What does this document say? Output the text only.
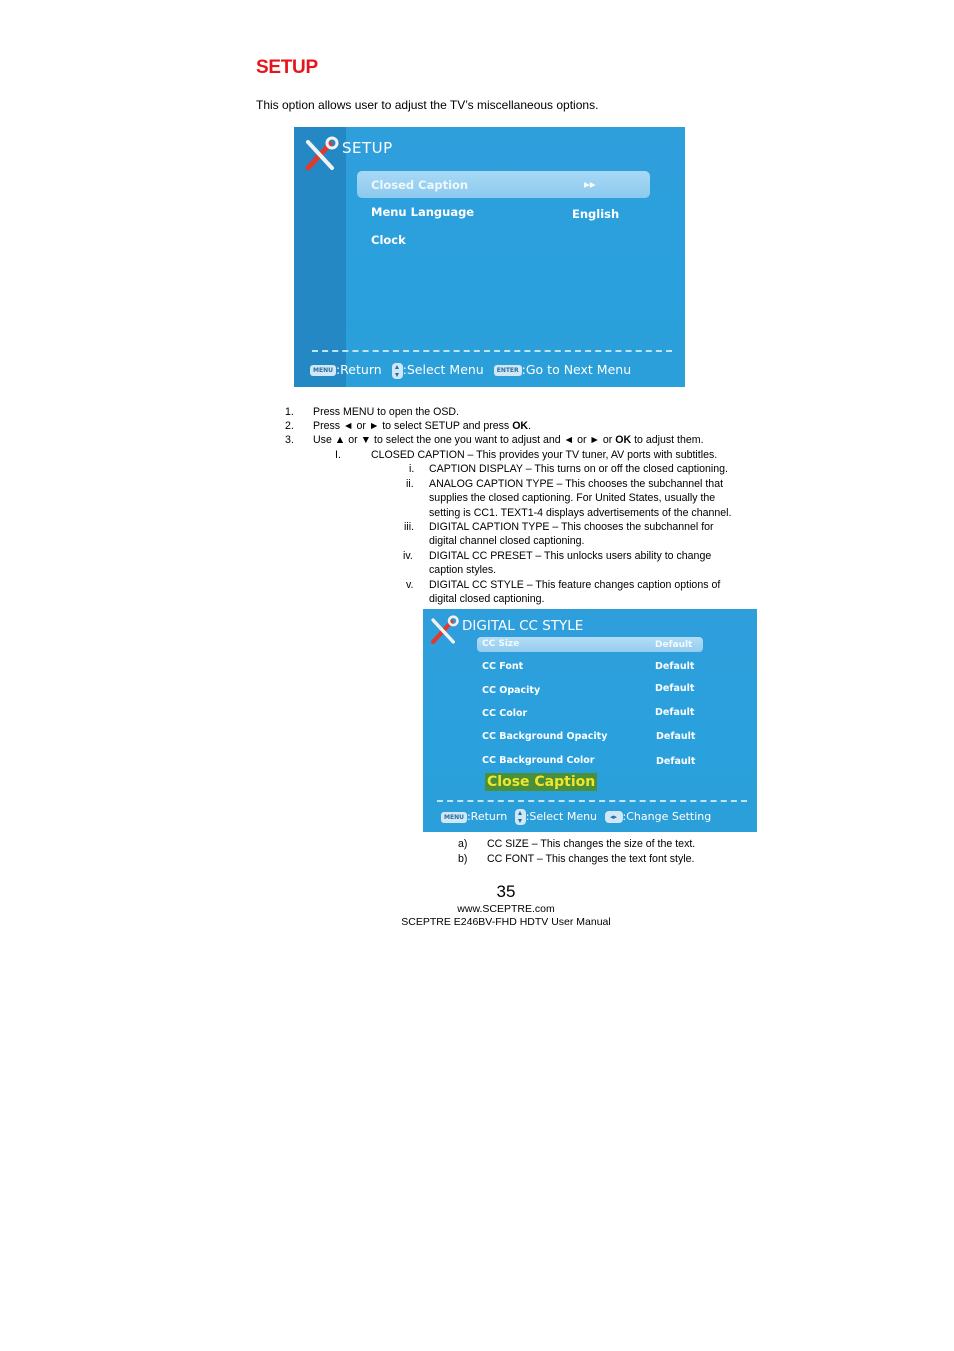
SETUP
This option allows user to adjust the TV’s miscellaneous options.
SETUP
Closed Caption	▸▸
Menu Language	English
Clock
MENU :Return :Select Menu ENTER :Go to Next Menu
1. Press MENU to open the OSD.
2. Press ◄ or ► to select SETUP and press OK.
3. Use ▲ or ▼ to select the one you want to adjust and ◄ or ► or OK to adjust them.
I.	CLOSED CAPTION – This provides your TV tuner, AV ports with subtitles.
i. CAPTION DISPLAY – This turns on or off the closed captioning.
ii. ANALOG CAPTION TYPE – This chooses the subchannel that
supplies the closed captioning. For United States, usually the
setting is CC1. TEXT1-4 displays advertisements of the channel.
iii. DIGITAL CAPTION TYPE – This chooses the subchannel for
digital channel closed captioning.
iv. DIGITAL CC PRESET – This unlocks users ability to change
caption styles.
v. DIGITAL CC STYLE – This feature changes caption options of
digital closed captioning.
DIGITAL CC STYLE
CC Size	Default
CC Font	Default
CC Opacity	Default
CC Color	Default
CC Background Opacity	Default
CC Background Color	Default
Close Caption
MENU :Return :Select Menu ◂▸ :Change Setting
a) CC SIZE – This changes the size of the text.
b) CC FONT – This changes the text font style.
35
www.SCEPTRE.com
SCEPTRE E246BV-FHD HDTV User Manual
